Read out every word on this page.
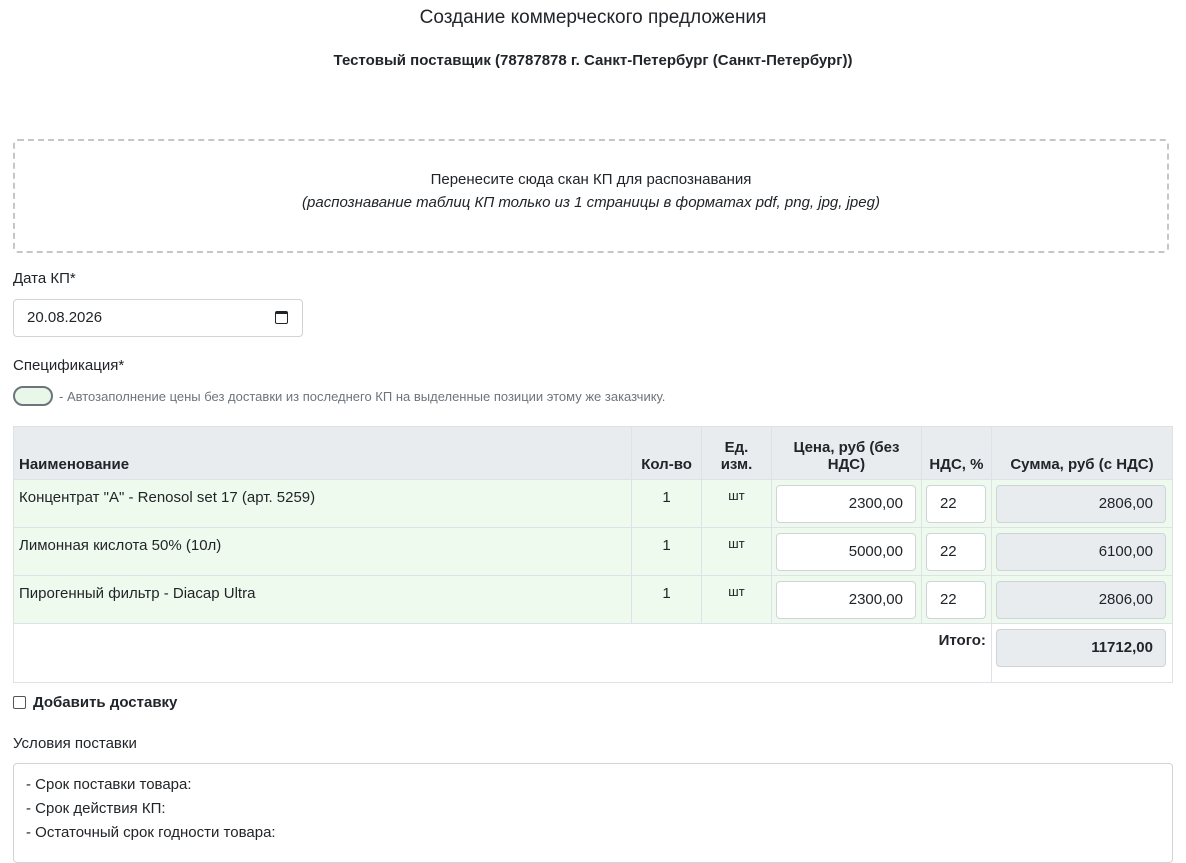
Создание коммерческого предложения
Тестовый поставщик (78787878 г. Санкт-Петербург (Санкт-Петербург))
Перенесите сюда скан КП для распознавания
(распознавание таблиц КП только из 1 страницы в форматах pdf, png, jpg, jpeg)
Дата КП*
20.08.2026
Спецификация*
- Автозаполнение цены без доставки из последнего КП на выделенные позиции этому же заказчику.
Наименование	Кол-во	Ед. изм.	Цена, руб (без НДС)	НДС, %	Сумма, руб (с НДС)
Концентрат "А" - Renosol set 17 (арт. 5259)	1	шт	2300,00	22	2806,00

Лимонная кислота 50% (10л)	1	шт	5000,00	22	6100,00

Пирогенный фильтр - Diacap Ultra	1	шт	2300,00	22	2806,00

Итого:					11712,00
Добавить доставку
Условия поставки
- Срок поставки товара:
- Срок действия КП:
- Остаточный срок годности товара:
